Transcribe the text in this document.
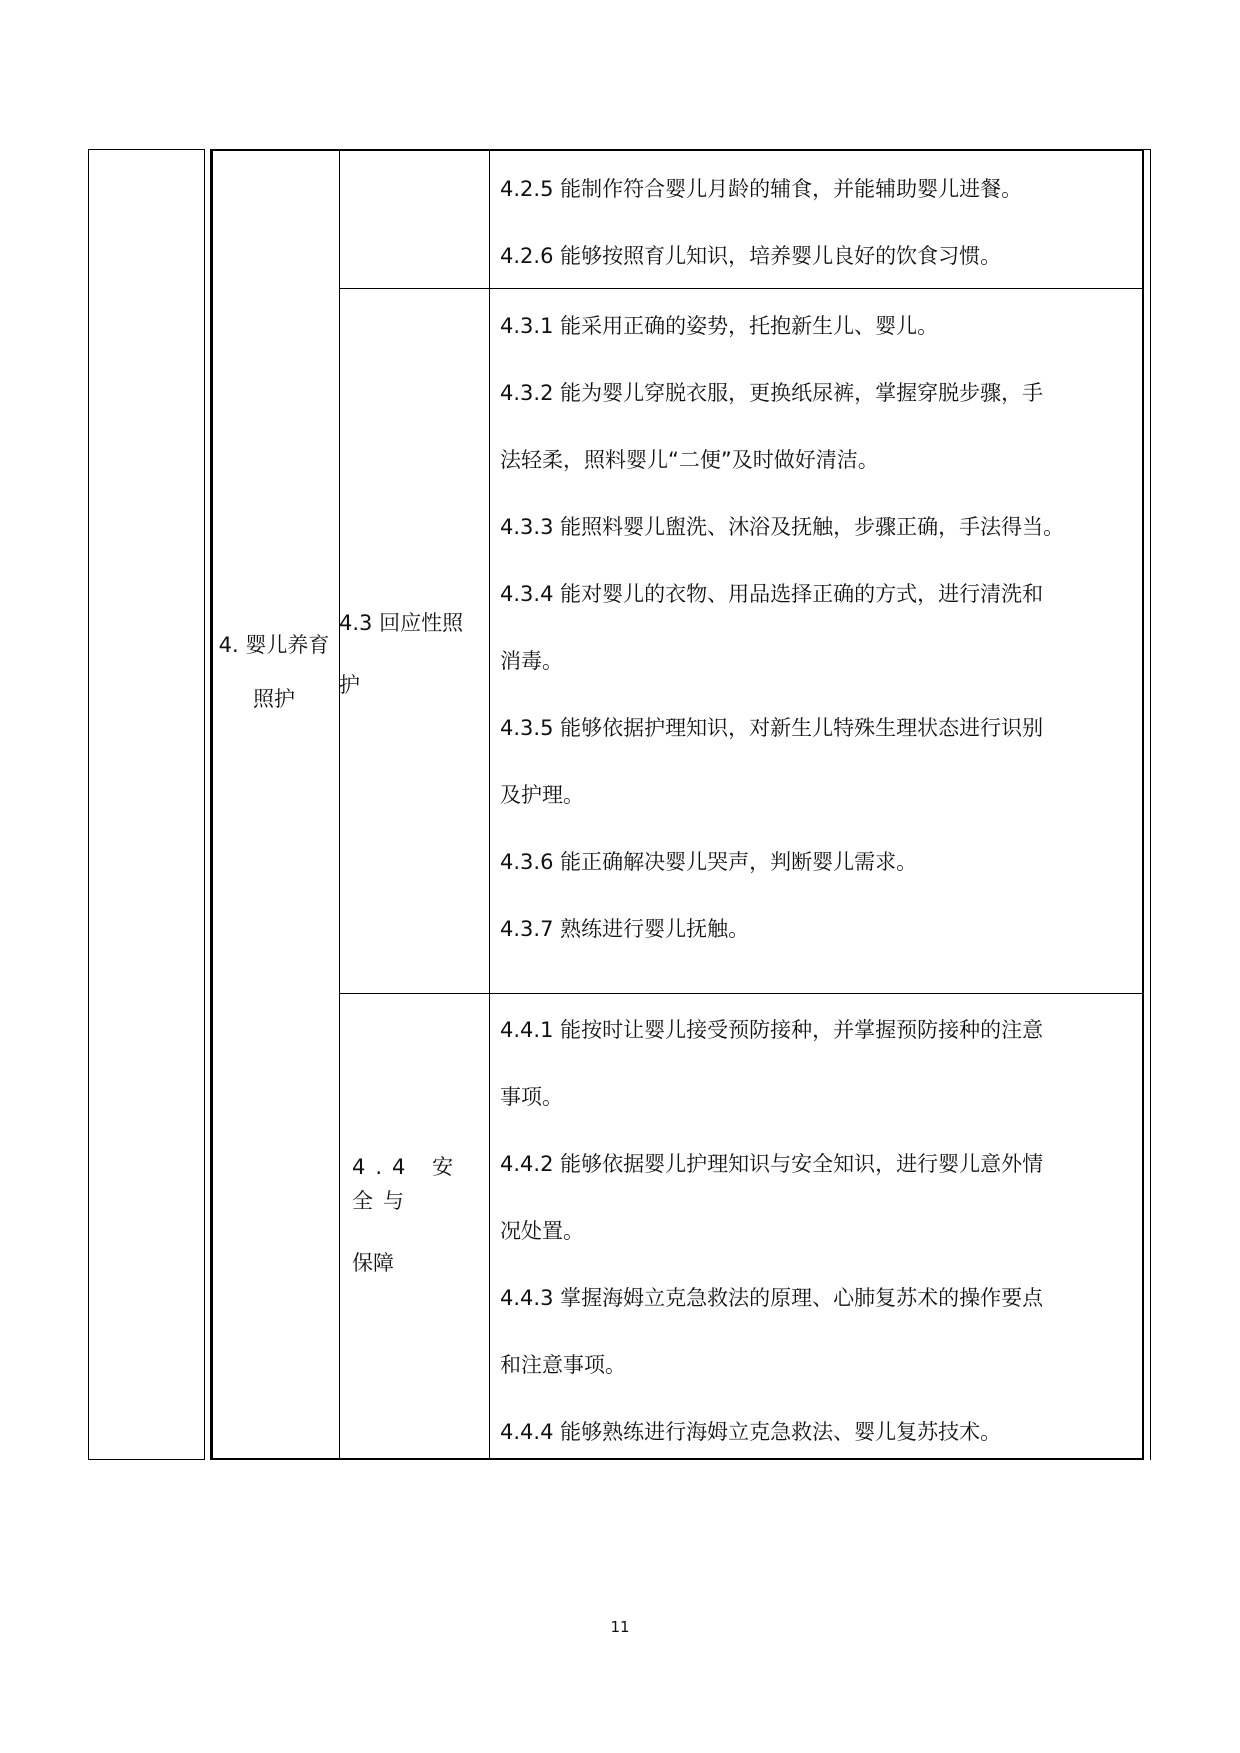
4. 婴儿养育
照护
4.3 回应性照
护
4.4 安全与
保障
4.2.5 能制作符合婴儿月龄的辅食，并能辅助婴儿进餐。
4.2.6 能够按照育儿知识，培养婴儿良好的饮食习惯。
4.3.1 能采用正确的姿势，托抱新生儿、婴儿。
4.3.2 能为婴儿穿脱衣服，更换纸尿裤，掌握穿脱步骤，手
法轻柔，照料婴儿“二便”及时做好清洁。
4.3.3 能照料婴儿盥洗、沐浴及抚触，步骤正确，手法得当。
4.3.4 能对婴儿的衣物、用品选择正确的方式，进行清洗和
消毒。
4.3.5 能够依据护理知识，对新生儿特殊生理状态进行识别
及护理。
4.3.6 能正确解决婴儿哭声，判断婴儿需求。
4.3.7 熟练进行婴儿抚触。
4.4.1 能按时让婴儿接受预防接种，并掌握预防接种的注意
事项。
4.4.2 能够依据婴儿护理知识与安全知识，进行婴儿意外情
况处置。
4.4.3 掌握海姆立克急救法的原理、心肺复苏术的操作要点
和注意事项。
4.4.4 能够熟练进行海姆立克急救法、婴儿复苏技术。
11
